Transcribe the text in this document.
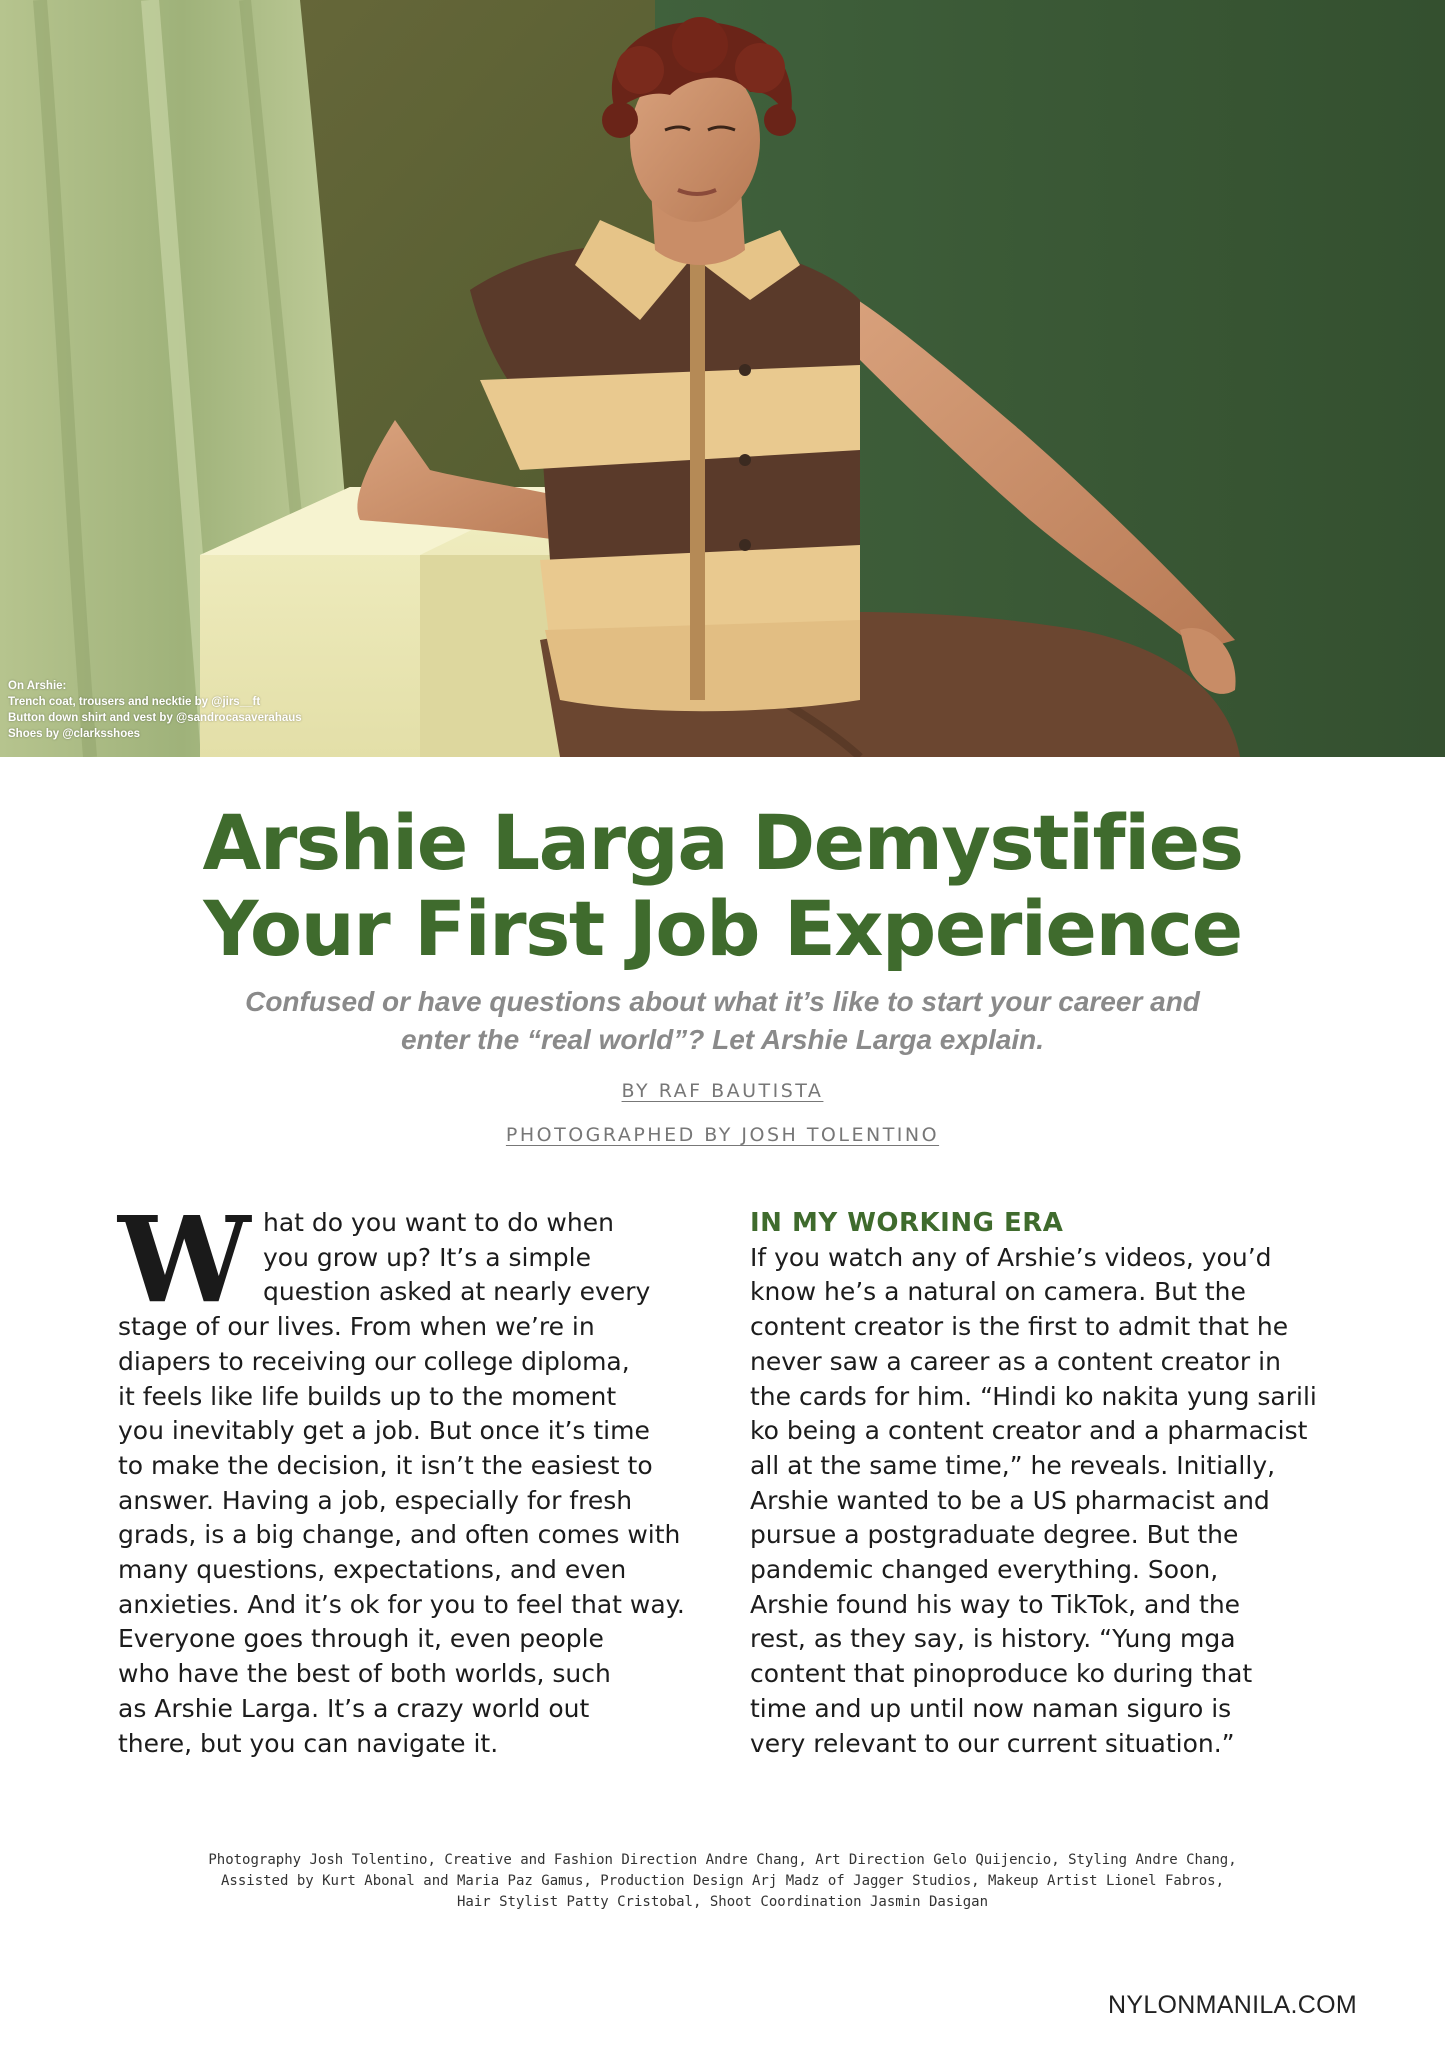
On Arshie:
Trench coat, trousers and necktie by @jirs__ft
Button down shirt and vest by @sandrocasaverahaus
Shoes by @clarksshoes
Arshie Larga Demystifies
Your First Job Experience
Confused or have questions about what it’s like to start your career and
enter the “real world”? Let Arshie Larga explain.
BY RAF BAUTISTA
PHOTOGRAPHED BY JOSH TOLENTINO
W hat do you want to do when
you grow up? It’s a simple
question asked at nearly every
stage of our lives. From when we’re in
diapers to receiving our college diploma,
it feels like life builds up to the moment
you inevitably get a job. But once it’s time
to make the decision, it isn’t the easiest to
answer. Having a job, especially for fresh
grads, is a big change, and often comes with
many questions, expectations, and even
anxieties. And it’s ok for you to feel that way.
Everyone goes through it, even people
who have the best of both worlds, such
as Arshie Larga. It’s a crazy world out
there, but you can navigate it.
IN MY WORKING ERA
If you watch any of Arshie’s videos, you’d
know he’s a natural on camera. But the
content creator is the first to admit that he
never saw a career as a content creator in
the cards for him. “Hindi ko nakita yung sarili
ko being a content creator and a pharmacist
all at the same time,” he reveals. Initially,
Arshie wanted to be a US pharmacist and
pursue a postgraduate degree. But the
pandemic changed everything. Soon,
Arshie found his way to TikTok, and the
rest, as they say, is history. “Yung mga
content that pinoproduce ko during that
time and up until now naman siguro is
very relevant to our current situation.”
Photography Josh Tolentino, Creative and Fashion Direction Andre Chang, Art Direction Gelo Quijencio, Styling Andre Chang,
Assisted by Kurt Abonal and Maria Paz Gamus, Production Design Arj Madz of Jagger Studios, Makeup Artist Lionel Fabros,
Hair Stylist Patty Cristobal, Shoot Coordination Jasmin Dasigan
NYLONMANILA.COM
